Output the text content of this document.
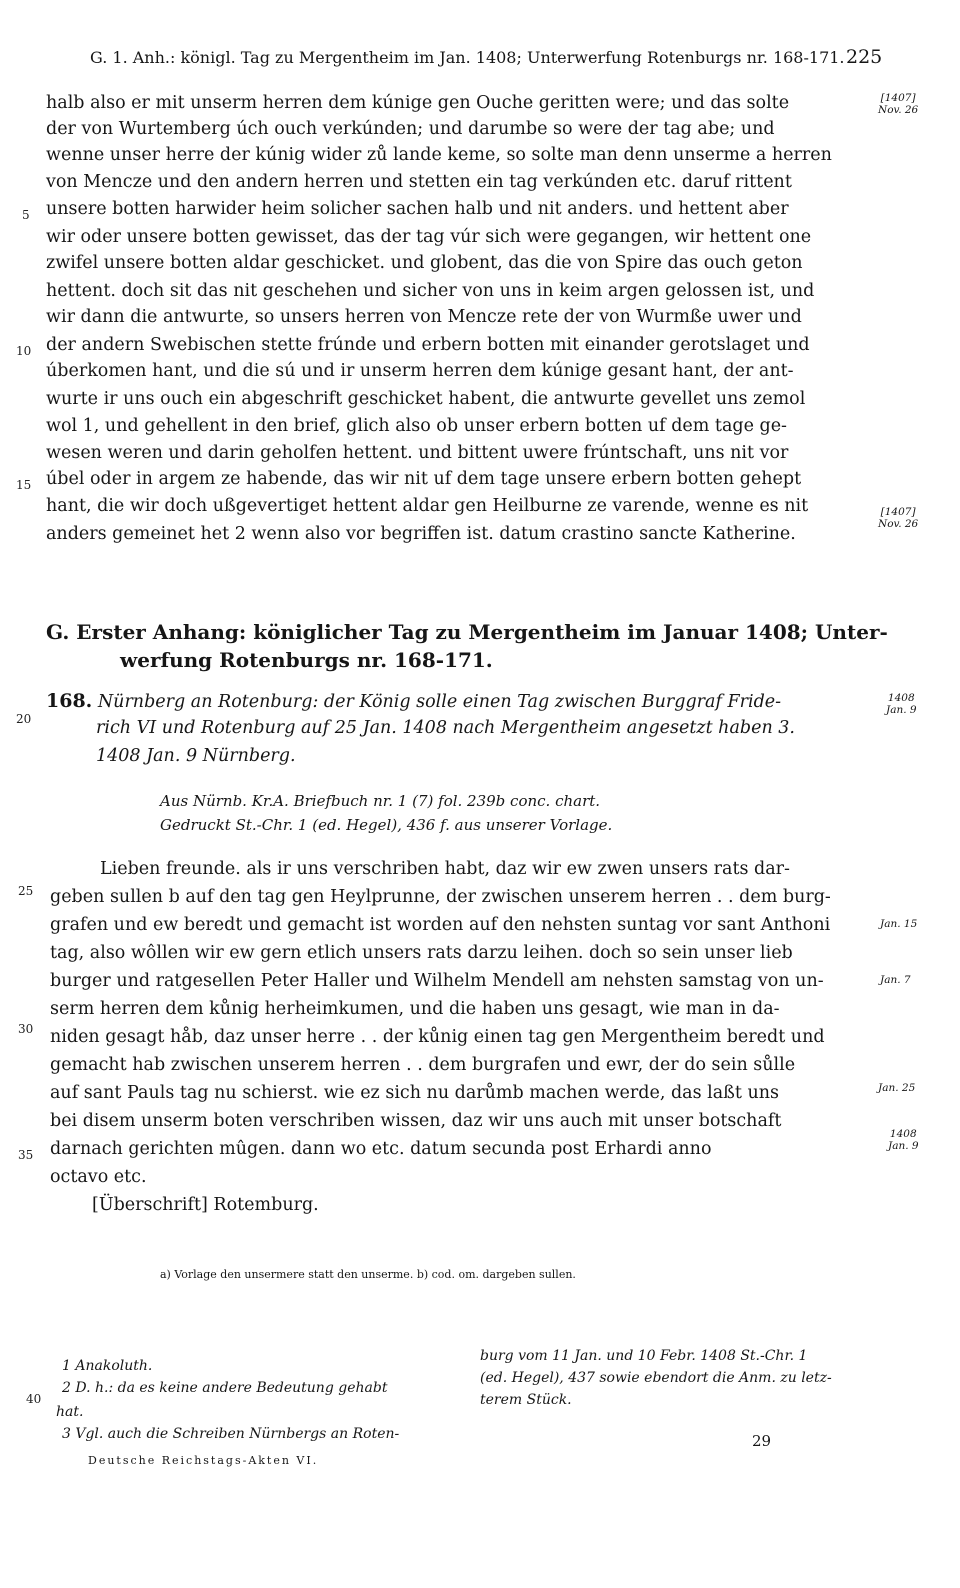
G. 1. Anh.: königl. Tag zu Mergentheim im Jan. 1408; Unterwerfung Rotenburgs nr. 168-171. 225
halb also er mit unserm herren dem kúnige gen Ouche geritten were; und das solte
der von Wurtemberg úch ouch verkúnden; und darumbe so were der tag abe; und
wenne unser herre der kúnig wider zů lande keme, so solte man denn unserme a herren
von Mencze und den andern herren und stetten ein tag verkúnden etc. daruf rittent
unsere botten harwider heim solicher sachen halb und nit anders. und hettent aber
wir oder unsere botten gewisset, das der tag vúr sich were gegangen, wir hettent one
zwifel unsere botten aldar geschicket. und globent, das die von Spire das ouch geton
hettent. doch sit das nit geschehen und sicher von uns in keim argen gelossen ist, und
wir dann die antwurte, so unsers herren von Mencze rete der von Wurmße uwer und
der andern Swebischen stette frúnde und erbern botten mit einander gerotslaget und
úberkomen hant, und die sú und ir unserm herren dem kúnige gesant hant, der ant-
wurte ir uns ouch ein abgeschrift geschicket habent, die antwurte gevellet uns zemol
wol 1, und gehellent in den brief, glich also ob unser erbern botten uf dem tage ge-
wesen weren und darin geholfen hettent. und bittent uwere frúntschaft, uns nit vor
úbel oder in argem ze habende, das wir nit uf dem tage unsere erbern botten gehept
hant, die wir doch ußgevertiget hettent aldar gen Heilburne ze varende, wenne es nit
anders gemeinet het 2 wenn also vor begriffen ist. datum crastino sancte Katherine.
5
10
15
[1407]
Nov. 26
[1407]
Nov. 26
G. Erster Anhang: königlicher Tag zu Mergentheim im Januar 1408; Unter-
werfung Rotenburgs nr. 168-171.
168. Nürnberg an Rotenburg: der König solle einen Tag zwischen Burggraf Fride-
rich VI und Rotenburg auf 25 Jan. 1408 nach Mergentheim angesetzt haben 3.
1408 Jan. 9 Nürnberg.
20
1408
Jan. 9
Aus Nürnb. Kr.A. Briefbuch nr. 1 (7) fol. 239b conc. chart.
Gedruckt St.-Chr. 1 (ed. Hegel), 436 f. aus unserer Vorlage.
Lieben freunde. als ir uns verschriben habt, daz wir ew zwen unsers rats dar-
geben sullen b auf den tag gen Heylprunne, der zwischen unserem herren . . dem burg-
grafen und ew beredt und gemacht ist worden auf den nehsten suntag vor sant Anthoni
tag, also wôllen wir ew gern etlich unsers rats darzu leihen. doch so sein unser lieb
burger und ratgesellen Peter Haller und Wilhelm Mendell am nehsten samstag von un-
serm herren dem kůnig herheimkumen, und die haben uns gesagt, wie man in da-
niden gesagt håb, daz unser herre . . der kůnig einen tag gen Mergentheim beredt und
gemacht hab zwischen unserem herren . . dem burgrafen und ewr, der do sein sůlle
auf sant Pauls tag nu schierst. wie ez sich nu darůmb machen werde, das laßt uns
bei disem unserm boten verschriben wissen, daz wir uns auch mit unser botschaft
darnach gerichten mûgen. dann wo etc. datum secunda post Erhardi anno
octavo etc.
[Überschrift] Rotemburg.
25
30
35
Jan. 15
Jan. 7
Jan. 25
1408
Jan. 9
a) Vorlage den unsermere statt den unserme. b) cod. om. dargeben sullen.
1 Anakoluth.
2 D. h.: da es keine andere Bedeutung gehabt
hat.
3 Vgl. auch die Schreiben Nürnbergs an Roten-
40
burg vom 11 Jan. und 10 Febr. 1408 St.-Chr. 1
(ed. Hegel), 437 sowie ebendort die Anm. zu letz-
terem Stück.
Deutsche Reichstags-Akten VI.
29
